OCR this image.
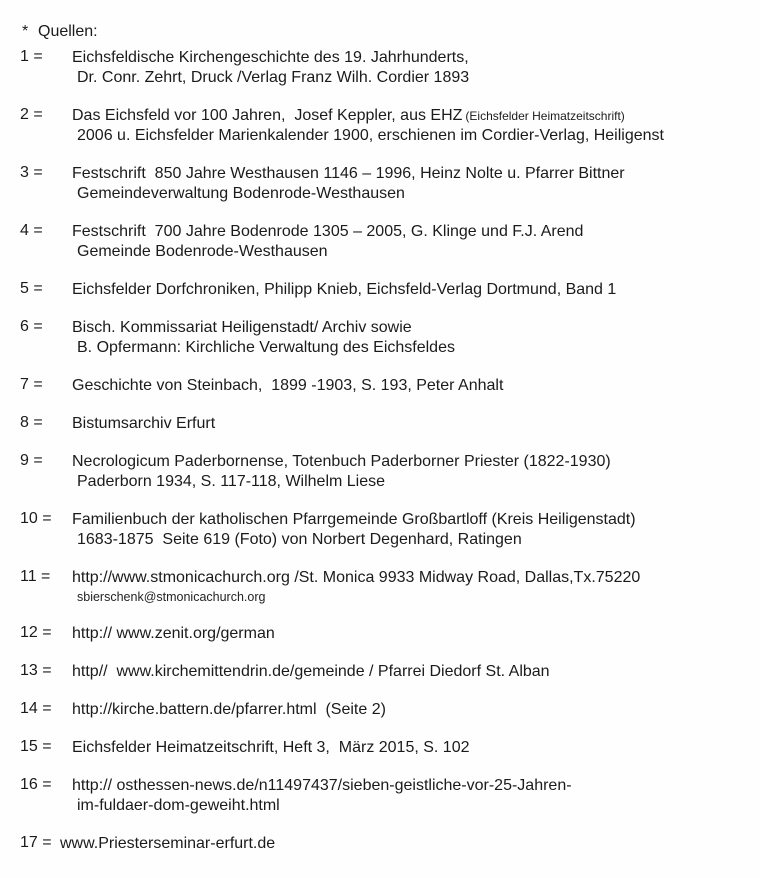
* Quellen:
1 =	Eichsfeldische Kirchengeschichte des 19. Jahrhunderts,
Dr. Conr. Zehrt, Druck /Verlag Franz Wilh. Cordier 1893
2 =	Das Eichsfeld vor 100 Jahren,  Josef Keppler, aus EHZ (Eichsfelder Heimatzeitschrift)
2006 u. Eichsfelder Marienkalender 1900, erschienen im Cordier-Verlag, Heiligenst
3 =	Festschrift  850 Jahre Westhausen 1146 – 1996, Heinz Nolte u. Pfarrer Bittner
Gemeindeverwaltung Bodenrode-Westhausen
4 =	Festschrift  700 Jahre Bodenrode 1305 – 2005, G. Klinge und F.J. Arend
Gemeinde Bodenrode-Westhausen
5 =	Eichsfelder Dorfchroniken, Philipp Knieb, Eichsfeld-Verlag Dortmund, Band 1
6 =	Bisch. Kommissariat Heiligenstadt/ Archiv sowie
B. Opfermann: Kirchliche Verwaltung des Eichsfeldes
7 =	Geschichte von Steinbach,  1899 -1903, S. 193, Peter Anhalt
8 =	Bistumsarchiv Erfurt
9 =	Necrologicum Paderbornense, Totenbuch Paderborner Priester (1822-1930)
Paderborn 1934, S. 117-118, Wilhelm Liese
10 =	Familienbuch der katholischen Pfarrgemeinde Großbartloff (Kreis Heiligenstadt)
1683-1875  Seite 619 (Foto) von Norbert Degenhard, Ratingen
11 =	http://www.stmonicachurch.org /St. Monica 9933 Midway Road, Dallas,Tx.75220
sbierschenk@stmonicachurch.org
12 =	http:// www.zenit.org/german
13 =	http//  www.kirchemittendrin.de/gemeinde / Pfarrei Diedorf St. Alban
14 =	http://kirche.battern.de/pfarrer.html  (Seite 2)
15 =	Eichsfelder Heimatzeitschrift, Heft 3,  März 2015, S. 102
16 =	http:// osthessen-news.de/n11497437/sieben-geistliche-vor-25-Jahren-
im-fuldaer-dom-geweiht.html
17 = www.Priesterseminar-erfurt.de
